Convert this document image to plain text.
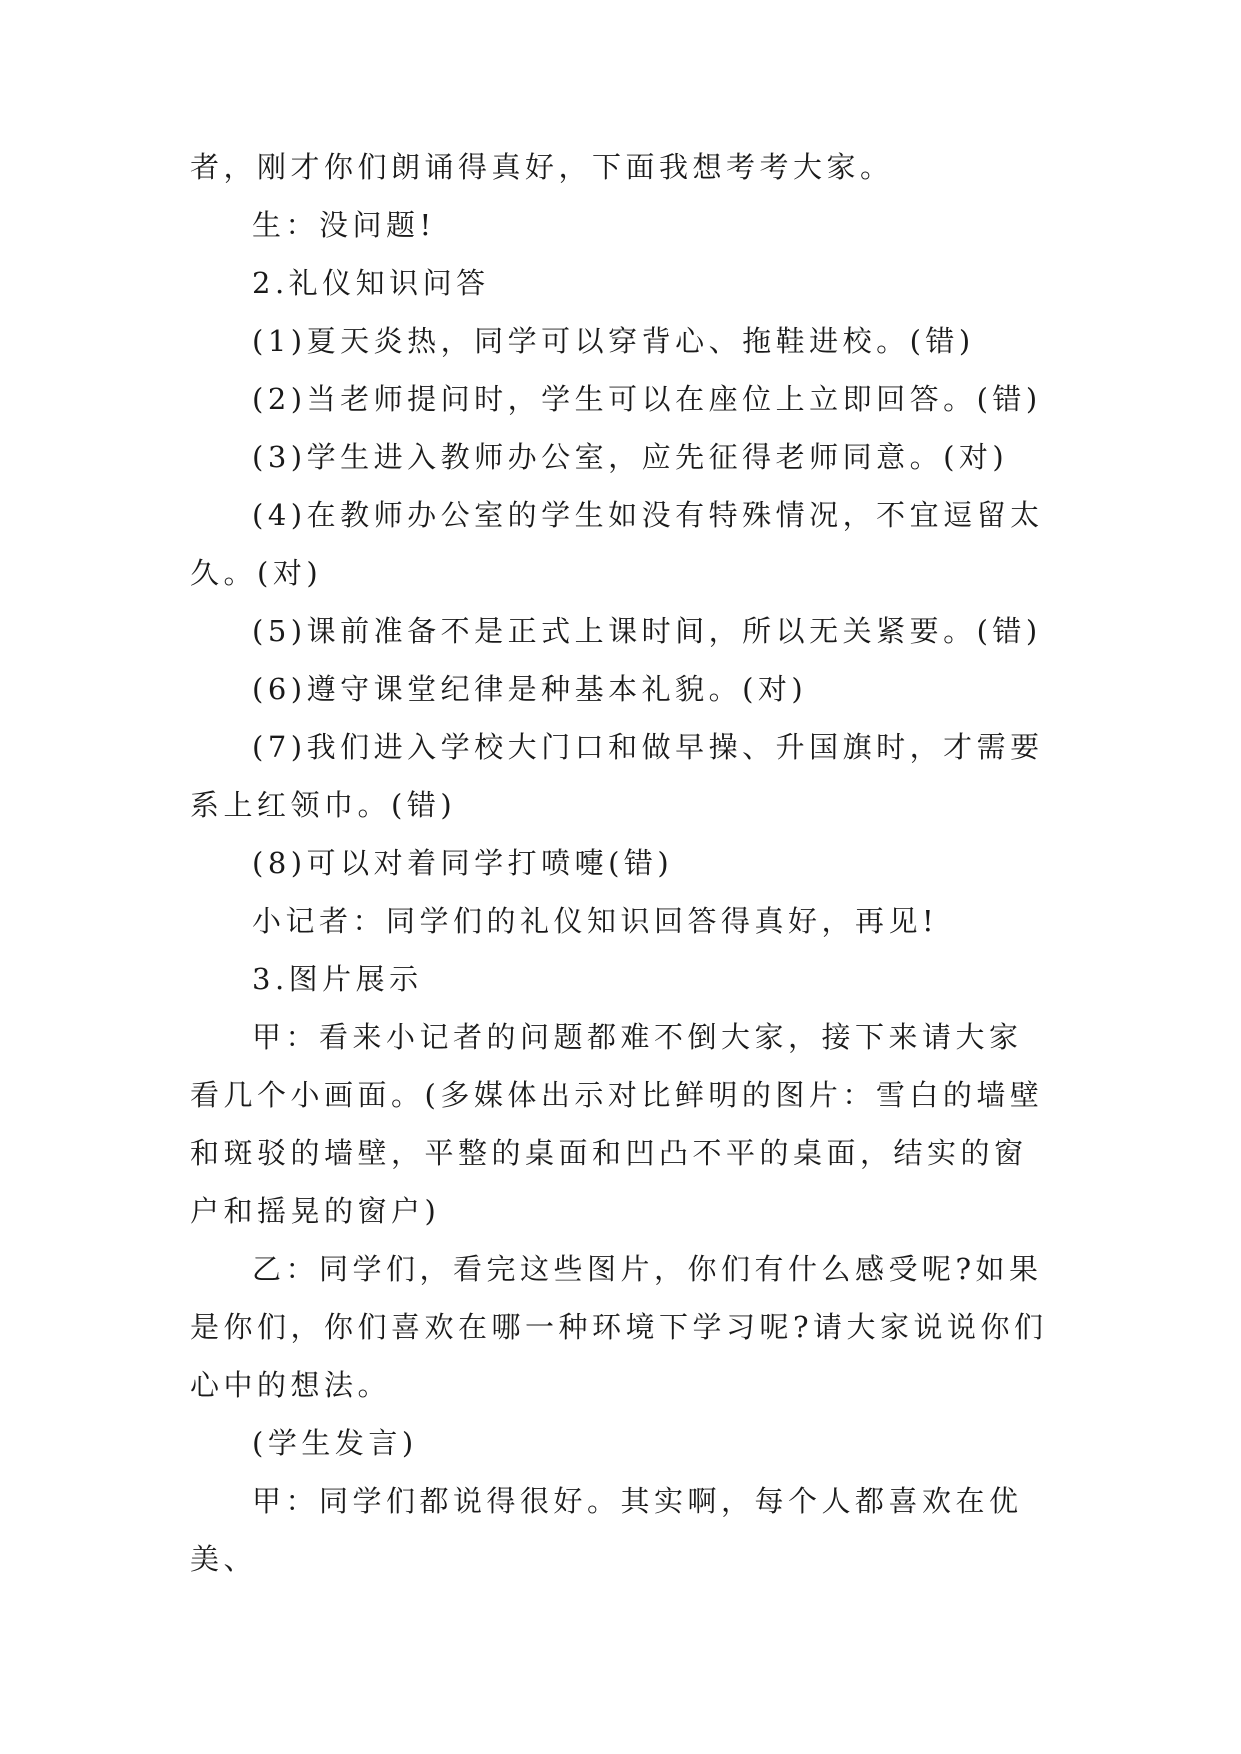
者，刚才你们朗诵得真好，下面我想考考大家。

生：没问题!

2.礼仪知识问答

(1)夏天炎热，同学可以穿背心、拖鞋进校。(错)

(2)当老师提问时，学生可以在座位上立即回答。(错)

(3)学生进入教师办公室，应先征得老师同意。(对)

(4)在教师办公室的学生如没有特殊情况，不宜逗留太久。(对)

(5)课前准备不是正式上课时间，所以无关紧要。(错)

(6)遵守课堂纪律是种基本礼貌。(对)

(7)我们进入学校大门口和做早操、升国旗时，才需要系上红领巾。(错)

(8)可以对着同学打喷嚏(错)

小记者：同学们的礼仪知识回答得真好，再见!

3.图片展示

甲：看来小记者的问题都难不倒大家，接下来请大家看几个小画面。(多媒体出示对比鲜明的图片：雪白的墙壁和斑驳的墙壁，平整的桌面和凹凸不平的桌面，结实的窗户和摇晃的窗户)

乙：同学们，看完这些图片，你们有什么感受呢?如果是你们，你们喜欢在哪一种环境下学习呢?请大家说说你们心中的想法。

(学生发言)

甲：同学们都说得很好。其实啊，每个人都喜欢在优美、
